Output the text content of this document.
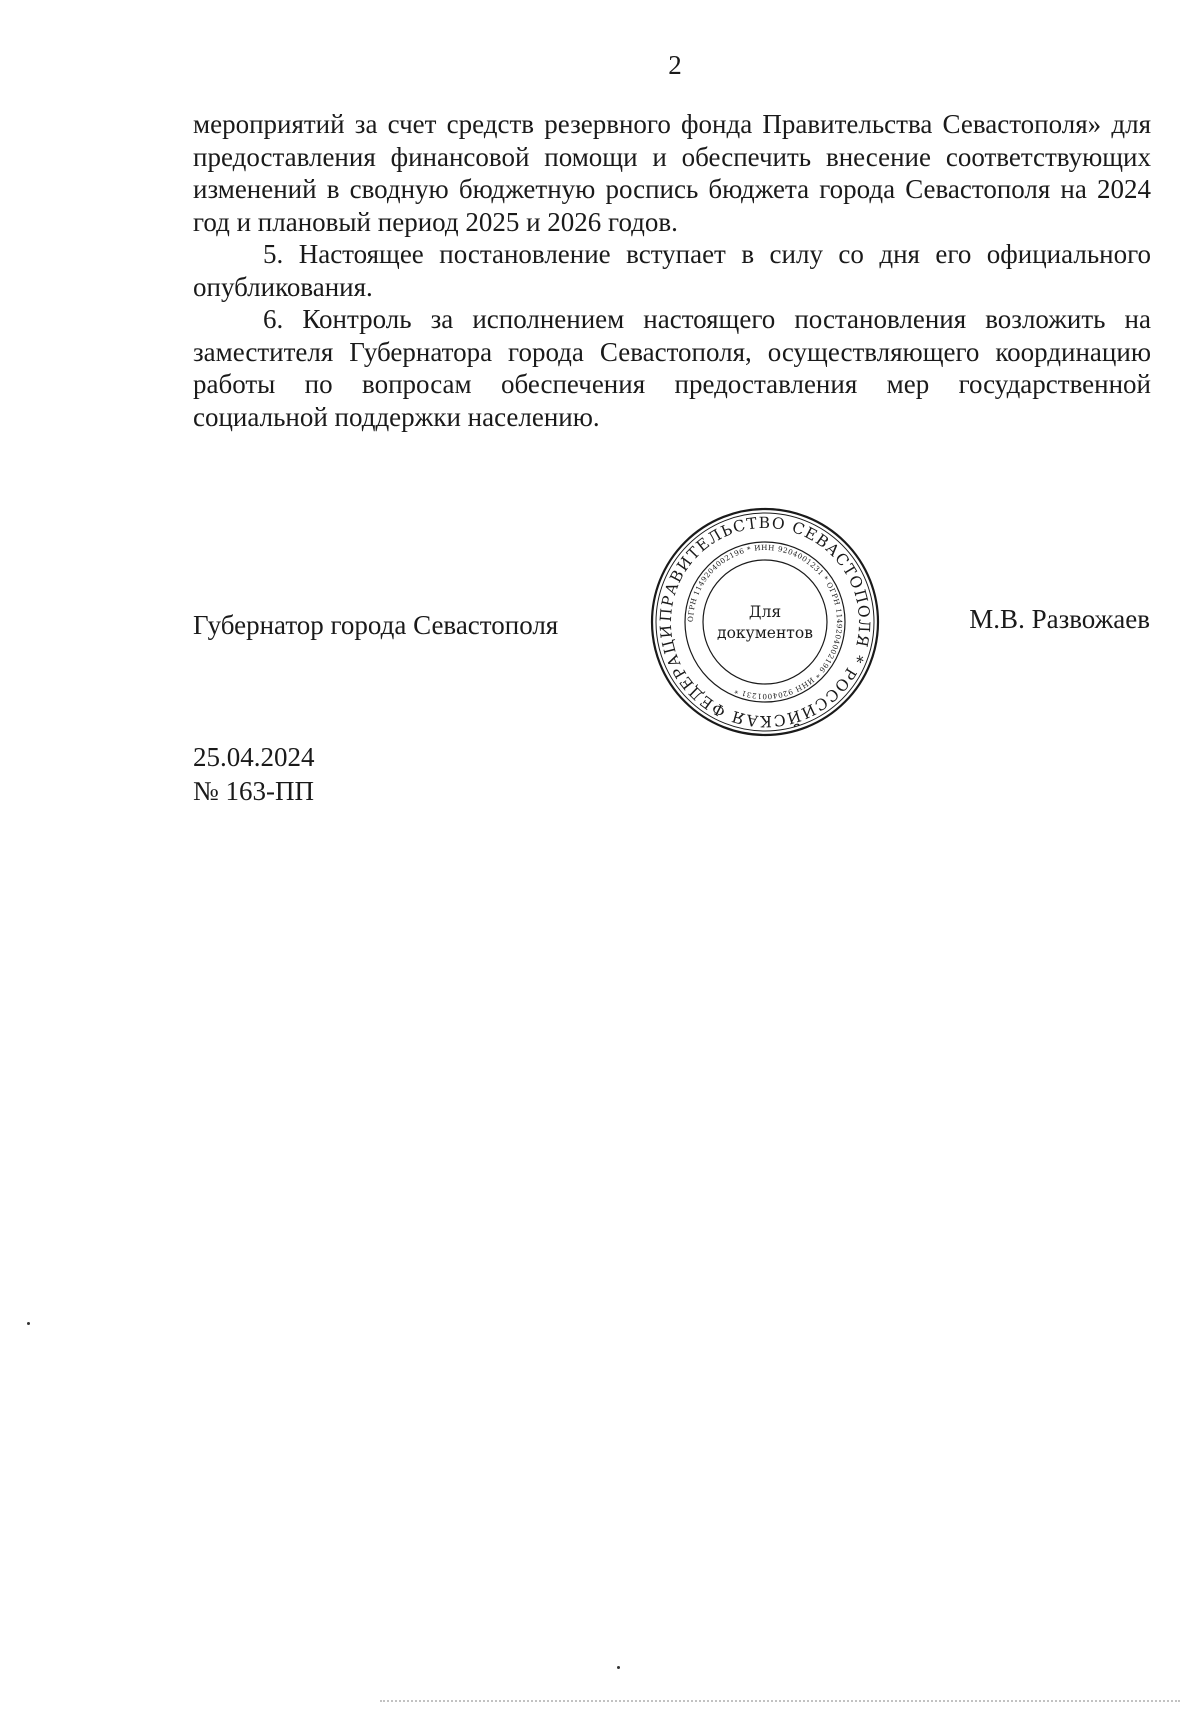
2

мероприятий за счет средств резервного фонда Правительства Севастополя» для предоставления финансовой помощи и обеспечить внесение соответствующих изменений в сводную бюджетную роспись бюджета города Севастополя на 2024 год и плановый период 2025 и 2026 годов.

5. Настоящее постановление вступает в силу со дня его официального опубликования.

6. Контроль за исполнением настоящего постановления возложить на заместителя Губернатора города Севастополя, осуществляющего координацию работы по вопросам обеспечения предоставления мер государственной социальной поддержки населению.

Губернатор города Севастополя	ПРАВИТЕЛЬСТВО СЕВАСТОПОЛЯ * РОССИЙСКАЯ ФЕДЕРАЦИ
ОГРН 1149204002196 * ИНН 9204001231 * ОГРН 1149204002196 * ИНН 9204001231 *
Для
документов	М.В. Развожаев
25.04.2024
№ 163-ПП
